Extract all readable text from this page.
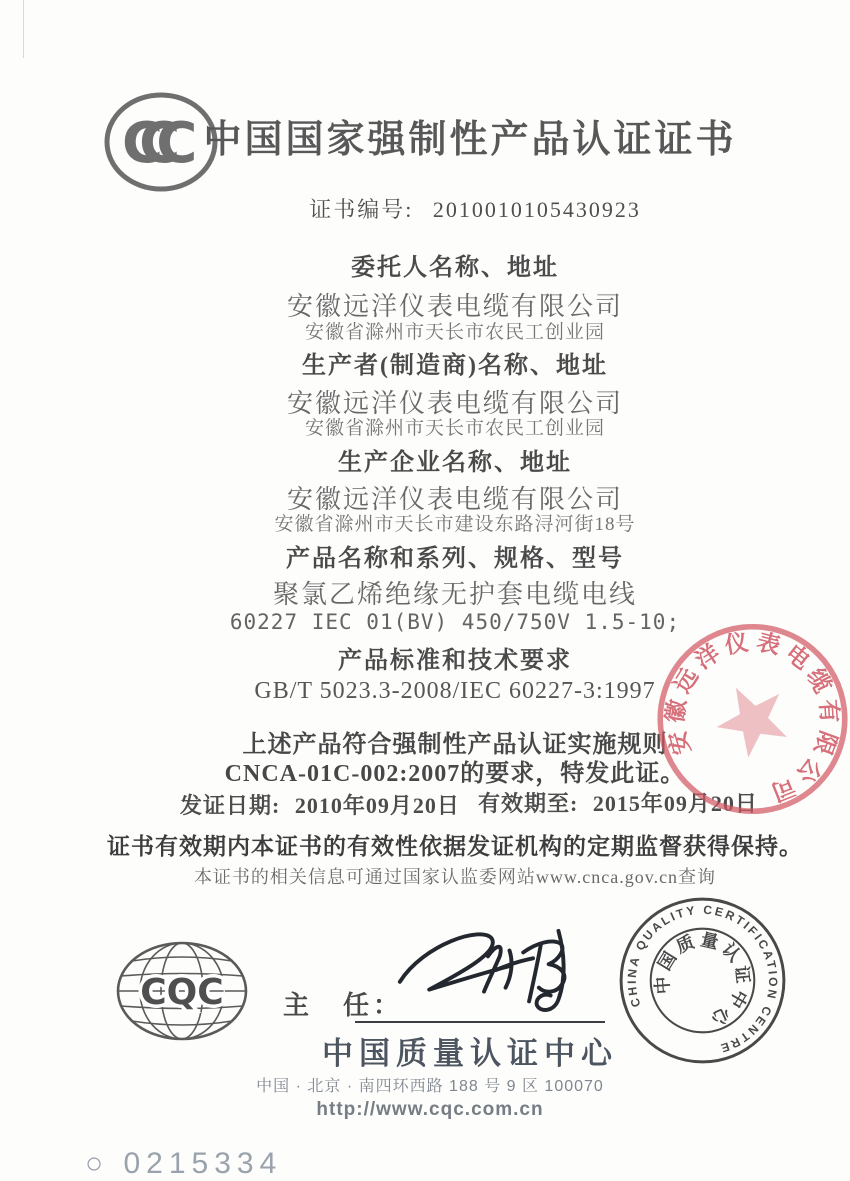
CCC 中国国家强制性产品认证证书
证书编号: 2010010105430923
委托人名称、地址
安徽远洋仪表电缆有限公司
安徽省滁州市天长市农民工创业园
生产者(制造商)名称、地址
安徽远洋仪表电缆有限公司
安徽省滁州市天长市农民工创业园
生产企业名称、地址
安徽远洋仪表电缆有限公司
安徽省滁州市天长市建设东路浔河街18号
产品名称和系列、规格、型号
聚氯乙烯绝缘无护套电缆电线
60227 IEC 01(BV) 450/750V 1.5-10;
产品标准和技术要求
GB/T 5023.3-2008/IEC 60227-3:1997
上述产品符合强制性产品认证实施规则
CNCA-01C-002:2007的要求，特发此证。
发证日期: 2010年09月20日 有效期至: 2015年09月20日
证书有效期内本证书的有效性依据发证机构的定期监督获得保持。
本证书的相关信息可通过国家认监委网站www.cnca.gov.cn查询
安徽远洋仪表电缆有限公司
CQC 主　任：
中国质量认证中心
中国 · 北京 · 南四环西路 188 号 9 区 100070
http://www.cqc.com.cn
CHINA QUALITY CERTIFICATION CENTRE
中国质量认证中心
○ 0215334
